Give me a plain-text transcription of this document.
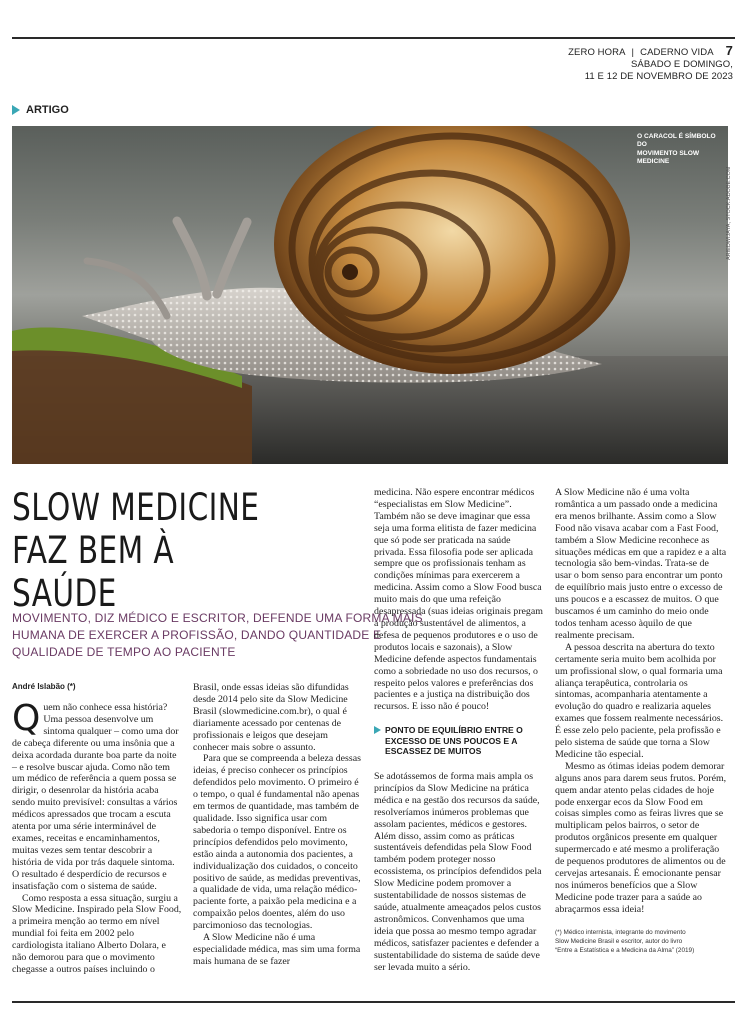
ZERO HORA | CADERNO VIDA 7
SÁBADO E DOMINGO,
11 E 12 DE NOVEMBRO DE 2023
ARTIGO
O CARACOL É SÍMBOLO DO
MOVIMENTO SLOW MEDICINE
ARIEDWIJAYA, STOCK.ADOBE.COM
SLOW MEDICINE
FAZ BEM À SAÚDE
MOVIMENTO, DIZ MÉDICO E ESCRITOR, DEFENDE UMA FORMA MAIS HUMANA DE EXERCER A PROFISSÃO, DANDO QUANTIDADE E QUALIDADE DE TEMPO AO PACIENTE
André Islabão (*)

Quem não conhece essa história? Uma pessoa desenvolve um sintoma qualquer – como uma dor de cabeça diferente ou uma insônia que a deixa acordada durante boa parte da noite – e resolve buscar ajuda. Como não tem um médico de referência a quem possa se dirigir, o desenrolar da história acaba sendo muito previsível: consultas a vários médicos apressados que trocam a escuta atenta por uma série interminável de exames, receitas e encaminhamentos, muitas vezes sem tentar descobrir a história de vida por trás daquele sintoma. O resultado é desperdício de recursos e insatisfação com o sistema de saúde.

Como resposta a essa situação, surgiu a Slow Medicine. Inspirado pela Slow Food, a primeira menção ao termo em nível mundial foi feita em 2002 pelo cardiologista italiano Alberto Dolara, e não demorou para que o movimento chegasse a outros países incluindo o

Brasil, onde essas ideias são difundidas desde 2014 pelo site da Slow Medicine Brasil (slowmedicine.com.br), o qual é diariamente acessado por centenas de profissionais e leigos que desejam conhecer mais sobre o assunto.

Para que se compreenda a beleza dessas ideias, é preciso conhecer os princípios defendidos pelo movimento. O primeiro é o tempo, o qual é fundamental não apenas em termos de quantidade, mas também de qualidade. Isso significa usar com sabedoria o tempo disponível. Entre os princípios defendidos pelo movimento, estão ainda a autonomia dos pacientes, a individualização dos cuidados, o conceito positivo de saúde, as medidas preventivas, a qualidade de vida, uma relação médico-paciente forte, a paixão pela medicina e a compaixão pelos doentes, além do uso parcimonioso das tecnologias.

A Slow Medicine não é uma especialidade médica, mas sim uma forma mais humana de se fazer

medicina. Não espere encontrar médicos “especialistas em Slow Medicine”. Também não se deve imaginar que essa seja uma forma elitista de fazer medicina que só pode ser praticada na saúde privada. Essa filosofia pode ser aplicada sempre que os profissionais tenham as condições mínimas para exercerem a medicina. Assim como a Slow Food busca muito mais do que uma refeição desapressada (suas ideias originais pregam a produção sustentável de alimentos, a defesa de pequenos produtores e o uso de produtos locais e sazonais), a Slow Medicine defende aspectos fundamentais como a sobriedade no uso dos recursos, o respeito pelos valores e preferências dos pacientes e a justiça na distribuição dos recursos. E isso não é pouco!

PONTO DE EQUILÍBRIO ENTRE O EXCESSO DE UNS POUCOS E A ESCASSEZ DE MUITOS

Se adotássemos de forma mais ampla os princípios da Slow Medicine na prática médica e na gestão dos recursos da saúde, resolveríamos inúmeros problemas que assolam pacientes, médicos e gestores. Além disso, assim como as práticas sustentáveis defendidas pela Slow Food também podem proteger nosso ecossistema, os princípios defendidos pela Slow Medicine podem promover a sustentabilidade de nossos sistemas de saúde, atualmente ameaçados pelos custos astronômicos. Convenhamos que uma ideia que possa ao mesmo tempo agradar médicos, satisfazer pacientes e defender a sustentabilidade do sistema de saúde deve ser levada muito a sério.

A Slow Medicine não é uma volta romântica a um passado onde a medicina era menos brilhante. Assim como a Slow Food não visava acabar com a Fast Food, também a Slow Medicine reconhece as situações médicas em que a rapidez e a alta tecnologia são bem-vindas. Trata-se de usar o bom senso para encontrar um ponto de equilíbrio mais justo entre o excesso de uns poucos e a escassez de muitos. O que buscamos é um caminho do meio onde todos tenham acesso àquilo de que realmente precisam.

A pessoa descrita na abertura do texto certamente seria muito bem acolhida por um profissional slow, o qual formaria uma aliança terapêutica, controlaria os sintomas, acompanharia atentamente a evolução do quadro e realizaria aqueles exames que fossem realmente necessários. É esse zelo pelo paciente, pela profissão e pelo sistema de saúde que torna a Slow Medicine tão especial.

Mesmo as ótimas ideias podem demorar alguns anos para darem seus frutos. Porém, quem andar atento pelas cidades de hoje pode enxergar ecos da Slow Food em coisas simples como as feiras livres que se multiplicam pelos bairros, o setor de produtos orgânicos presente em qualquer supermercado e até mesmo a proliferação de pequenos produtores de alimentos ou de cervejas artesanais. É emocionante pensar nos inúmeros benefícios que a Slow Medicine pode trazer para a saúde ao abraçarmos essa ideia!

(*) Médico internista, integrante do movimento
Slow Medicine Brasil e escritor, autor do livro
“Entre a Estatística e a Medicina da Alma” (2019)
